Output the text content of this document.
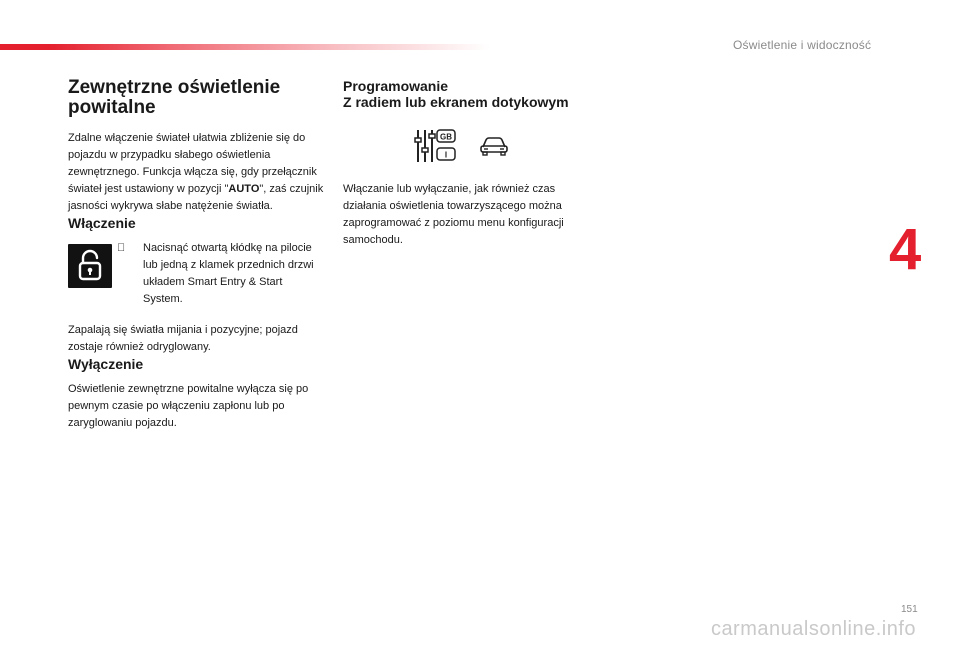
Oświetlenie i widoczność
4
Zewnętrzne oświetlenie powitalne

Zdalne włączenie świateł ułatwia zbliżenie się do pojazdu w przypadku słabego oświetlenia zewnętrznego. Funkcja włącza się, gdy przełącznik świateł jest ustawiony w pozycji "AUTO", zaś czujnik jasności wykrywa słabe natężenie światła.

Włączenie

Nacisnąć otwartą kłódkę na pilocie lub jedną z klamek przednich drzwi układem Smart Entry & Start System.

Zapalają się światła mijania i pozycyjne; pojazd zostaje również odryglowany.

Wyłączenie

Oświetlenie zewnętrzne powitalne wyłącza się po pewnym czasie po włączeniu zapłonu lub po zaryglowaniu pojazdu.

Programowanie
Z radiem lub ekranem dotykowym
GB
I

Włączanie lub wyłączanie, jak również czas działania oświetlenia towarzyszącego można zaprogramować z poziomu menu konfiguracji samochodu.

151
carmanualsonline.info
